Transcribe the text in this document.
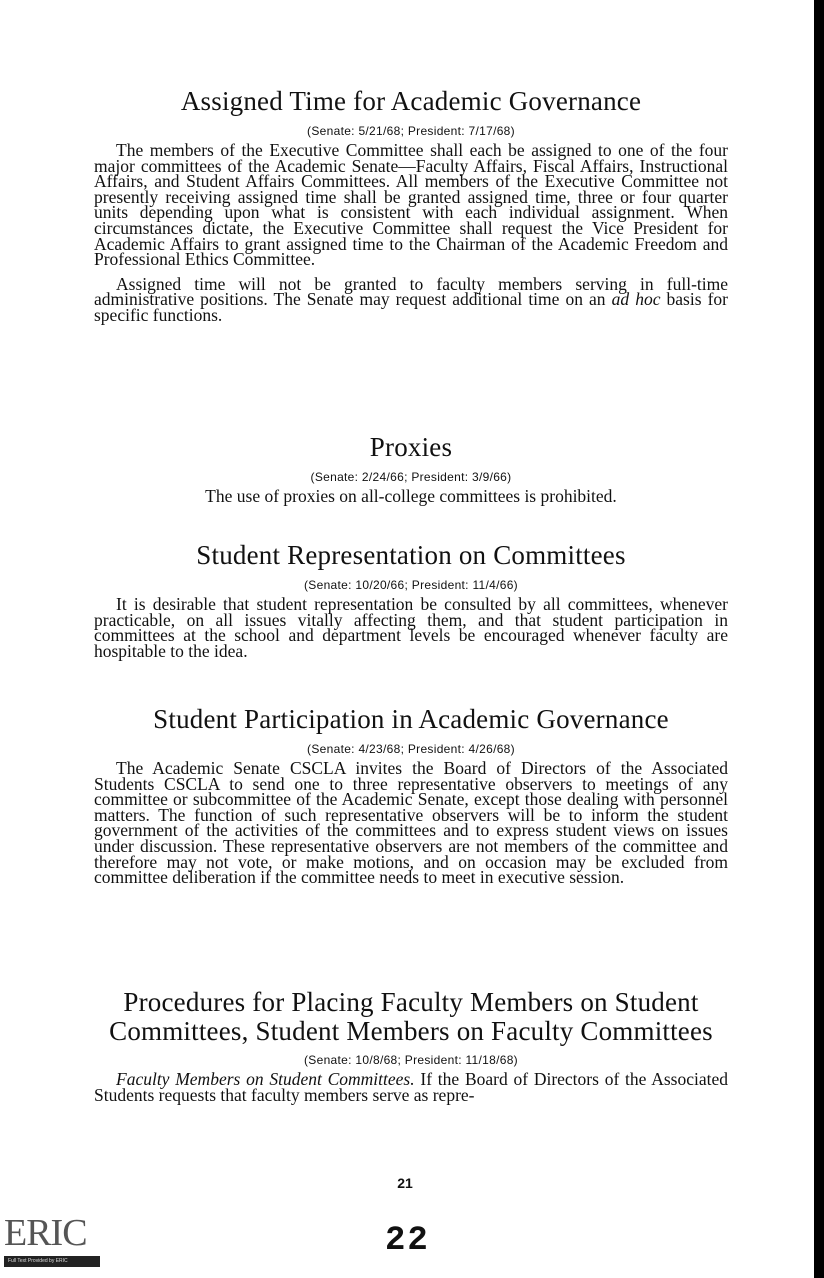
Assigned Time for Academic Governance
(Senate: 5/21/68; President: 7/17/68)

The members of the Executive Committee shall each be assigned to one of the four major committees of the Academic Senate—Faculty Affairs, Fiscal Affairs, Instructional Affairs, and Student Affairs Committees. All members of the Executive Committee not presently receiving assigned time shall be granted assigned time, three or four quarter units depending upon what is consistent with each individual assignment. When circumstances dictate, the Executive Committee shall request the Vice President for Academic Affairs to grant assigned time to the Chairman of the Academic Freedom and Professional Ethics Committee.

Assigned time will not be granted to faculty members serving in full-time administrative positions. The Senate may request additional time on an ad hoc basis for specific functions.

Proxies
(Senate: 2/24/66; President: 3/9/66)

The use of proxies on all-college committees is prohibited.

Student Representation on Committees
(Senate: 10/20/66; President: 11/4/66)

It is desirable that student representation be consulted by all committees, whenever practicable, on all issues vitally affecting them, and that student participation in committees at the school and department levels be encouraged whenever faculty are hospitable to the idea.

Student Participation in Academic Governance
(Senate: 4/23/68; President: 4/26/68)

The Academic Senate CSCLA invites the Board of Directors of the Associated Students CSCLA to send one to three representative observers to meetings of any committee or subcommittee of the Academic Senate, except those dealing with personnel matters. The function of such representative observers will be to inform the student government of the activities of the committees and to express student views on issues under discussion. These representative observers are not members of the committee and therefore may not vote, or make motions, and on occasion may be excluded from committee deliberation if the committee needs to meet in executive session.

Procedures for Placing Faculty Members on Student Committees, Student Members on Faculty Committees
(Senate: 10/8/68; President: 11/18/68)

Faculty Members on Student Committees. If the Board of Directors of the Associated Students requests that faculty members serve as repre-

21
22
ERIC
Full Text Provided by ERIC
